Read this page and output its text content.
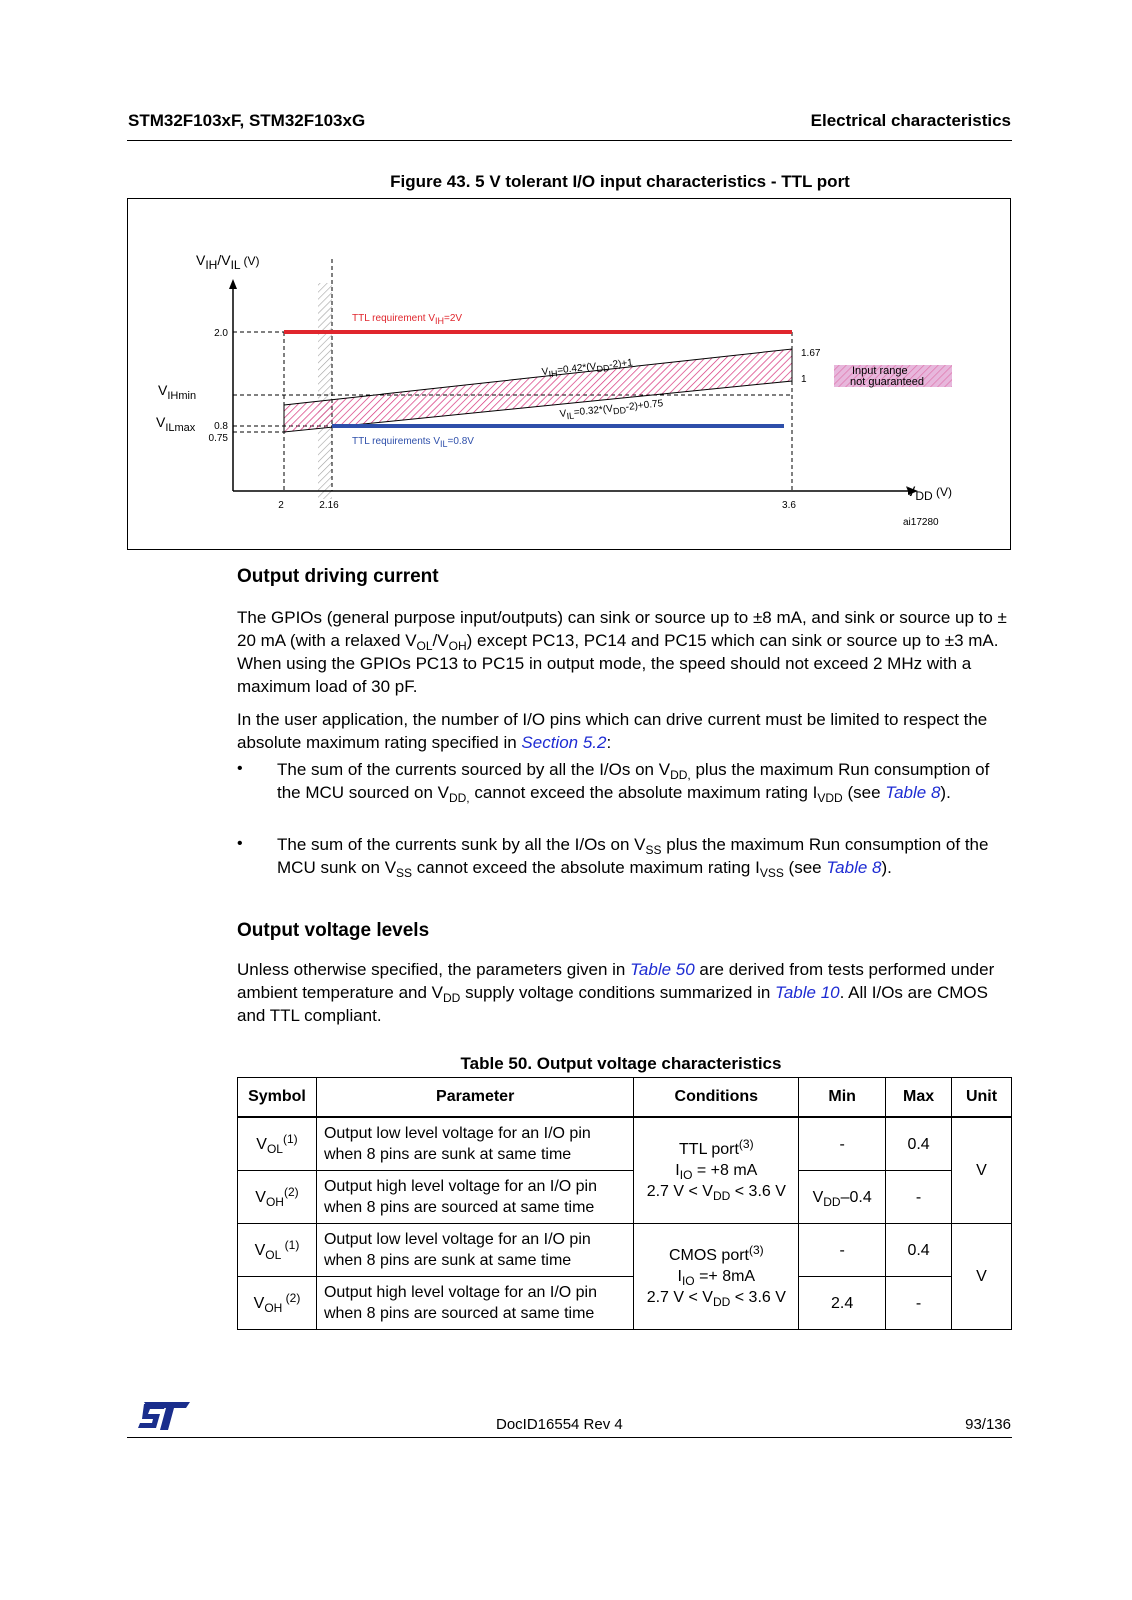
STM32F103xF, STM32F103xG	Electrical characteristics
Figure 43. 5 V tolerant I/O input characteristics - TTL port
VIH/VIL (V)
VDD (V)
2.0
0.8
0.75
$V_{IHmin}$
$V_{ILmax}$
2	2.16	3.6
1.67
1
TTL requirement VIH=2V
TTL requirements VIL=0.8V
VIH=0.42*(VDD-2)+1
VIL=0.32*(VDD-2)+0.75
Input range
not guaranteed
ai17280
Output driving current
The GPIOs (general purpose input/outputs) can sink or source up to ±8 mA, and sink or source up to ± 20 mA (with a relaxed $V_{OL}/V_{OH}$) except PC13, PC14 and PC15 which can sink or source up to ±3 mA. When using the GPIOs PC13 to PC15 in output mode, the speed should not exceed 2 MHz with a maximum load of 30 pF.
In the user application, the number of I/O pins which can drive current must be limited to respect the absolute maximum rating specified in Section 5.2:
• The sum of the currents sourced by all the I/Os on $V_{DD,}$ plus the maximum Run consumption of the MCU sourced on $V_{DD,}$ cannot exceed the absolute maximum rating $I_{VDD}$ (see Table 8).
• The sum of the currents sunk by all the I/Os on $V_{SS}$ plus the maximum Run consumption of the MCU sunk on $V_{SS}$ cannot exceed the absolute maximum rating $I_{VSS}$ (see Table 8).
Output voltage levels
Unless otherwise specified, the parameters given in Table 50 are derived from tests performed under ambient temperature and $V_{DD}$ supply voltage conditions summarized in Table 10. All I/Os are CMOS and TTL compliant.
Table 50. Output voltage characteristics
Symbol	Parameter	Conditions	Min	Max	Unit
$V_{OL}^{(1)}$	Output low level voltage for an I/O pin when 8 pins are sunk at same time	TTL port$^{(3)}$
$I_{IO} = +8$ mA
2.7 $V < V_{DD} < 3.6$ V	-	0.4	V
$V_{OH}^{(2)}$	Output high level voltage for an I/O pin when 8 pins are sourced at same time		$V_{DD}-0.4$	-	
$V_{OL}$ $^{(1)}$	Output low level voltage for an I/O pin when 8 pins are sunk at same time	CMOS port$^{(3)}$
$I_{IO} =+ 8mA$
2.7 $V < V_{DD} < 3.6$ V	-	0.4	V
$V_{OH}$ $^{(2)}$	Output high level voltage for an I/O pin when 8 pins are sourced at same time		2.4	-	
DocID16554 Rev 4	93/136
